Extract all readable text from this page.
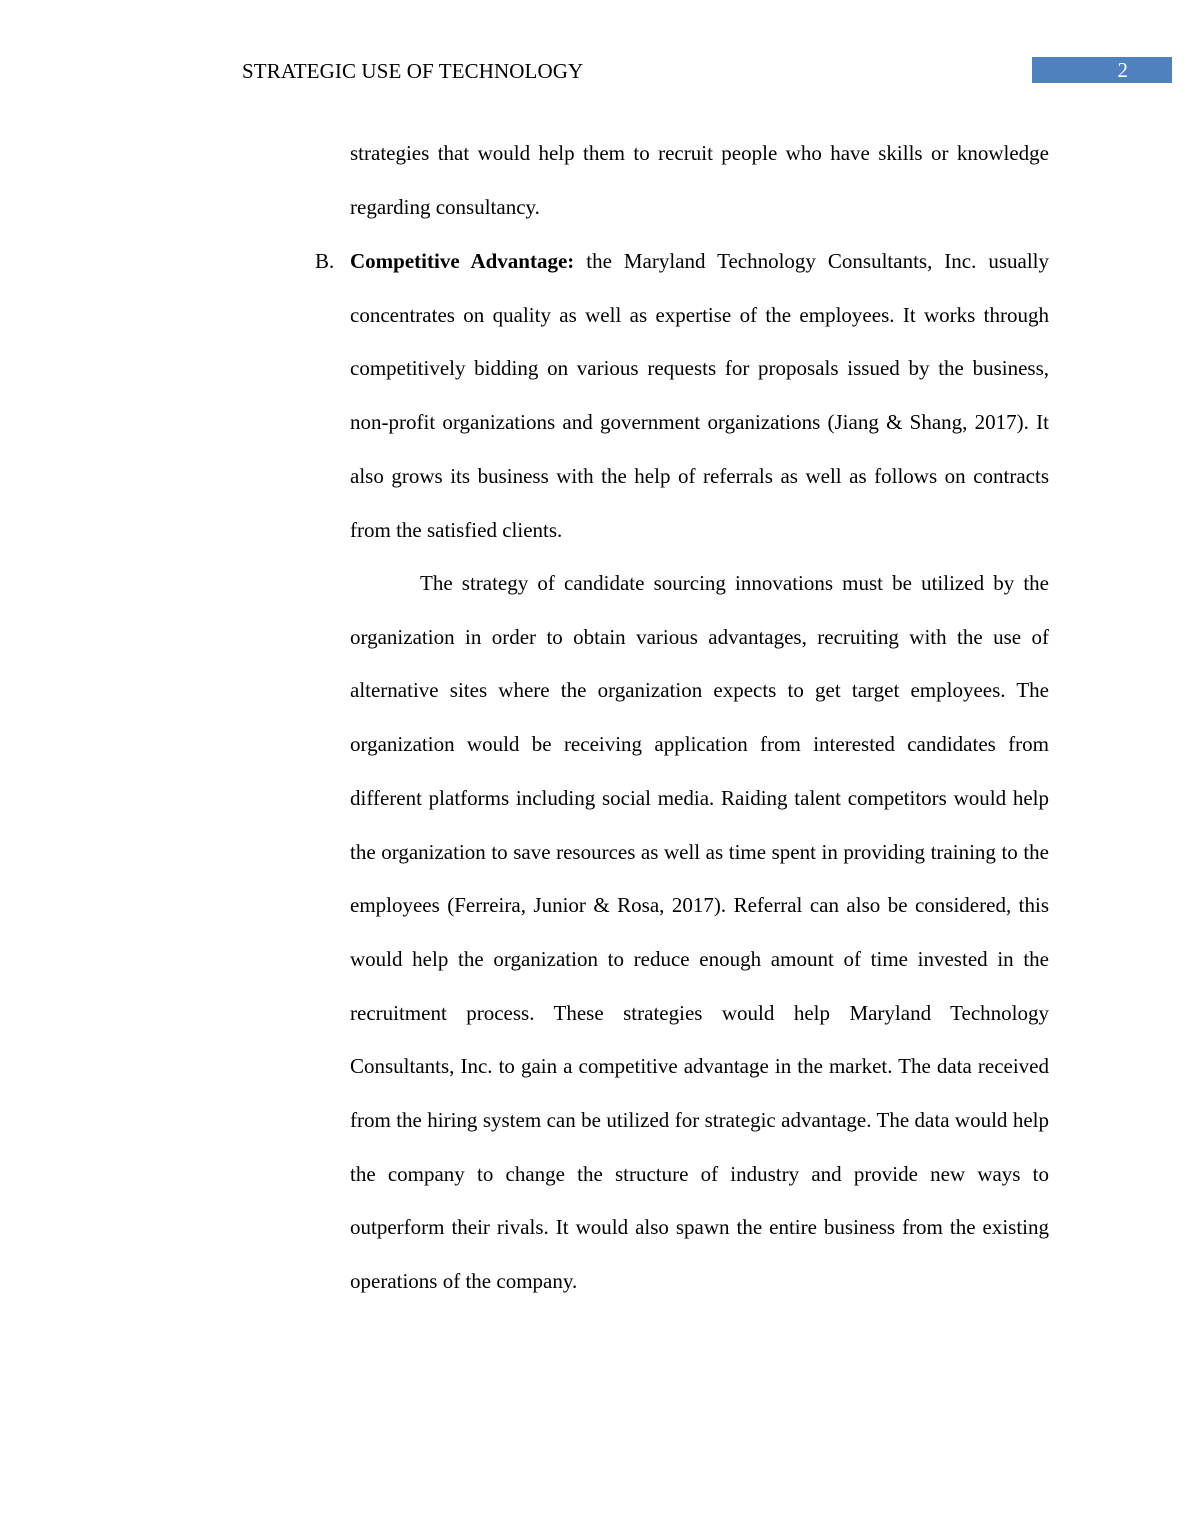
STRATEGIC USE OF TECHNOLOGY	2

strategies that would help them to recruit people who have skills or knowledge regarding consultancy.

B. Competitive Advantage: the Maryland Technology Consultants, Inc. usually concentrates on quality as well as expertise of the employees. It works through competitively bidding on various requests for proposals issued by the business, non-profit organizations and government organizations (Jiang & Shang, 2017). It also grows its business with the help of referrals as well as follows on contracts from the satisfied clients.

The strategy of candidate sourcing innovations must be utilized by the organization in order to obtain various advantages, recruiting with the use of alternative sites where the organization expects to get target employees. The organization would be receiving application from interested candidates from different platforms including social media. Raiding talent competitors would help the organization to save resources as well as time spent in providing training to the employees (Ferreira, Junior & Rosa, 2017). Referral can also be considered, this would help the organization to reduce enough amount of time invested in the recruitment process. These strategies would help Maryland Technology Consultants, Inc. to gain a competitive advantage in the market. The data received from the hiring system can be utilized for strategic advantage. The data would help the company to change the structure of industry and provide new ways to outperform their rivals. It would also spawn the entire business from the existing operations of the company.
